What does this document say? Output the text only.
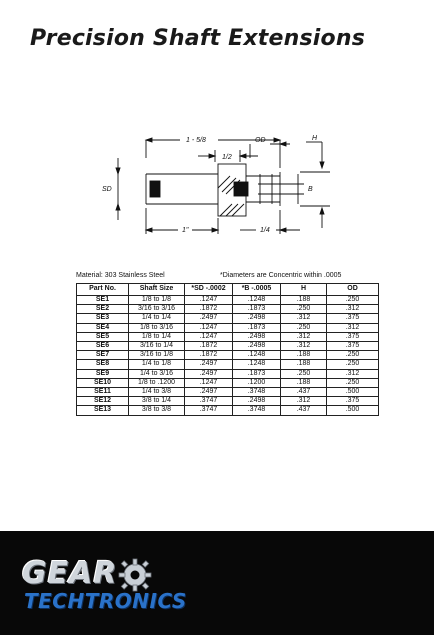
Precision Shaft Extensions
1 - 5/8	OD	H
1/2
SD	B
1"	1/4
Material: 303 Stainless Steel	*Diameters are Concentric within .0005
Part No.	Shaft Size	*SD -.0002	*B -.0005	H	OD
SE1	1/8 to 1/8	.1247	.1248	.188	.250
SE2	3/16 to 3/16	.1872	.1873	.250	.312
SE3	1/4 to 1/4	.2497	.2498	.312	.375
SE4	1/8 to 3/16	.1247	.1873	.250	.312
SE5	1/8 to 1/4	.1247	.2498	.312	.375
SE6	3/16 to 1/4	.1872	.2498	.312	.375
SE7	3/16 to 1/8	.1872	.1248	.188	.250
SE8	1/4 to 1/8	.2497	.1248	.188	.250
SE9	1/4 to 3/16	.2497	.1873	.250	.312
SE10	1/8 to .1200	.1247	.1200	.188	.250
SE11	1/4 to 3/8	.2497	.3748	.437	.500
SE12	3/8 to 1/4	.3747	.2498	.312	.375
SE13	3/8 to 3/8	.3747	.3748	.437	.500
GEAR
TECHTRONICS
